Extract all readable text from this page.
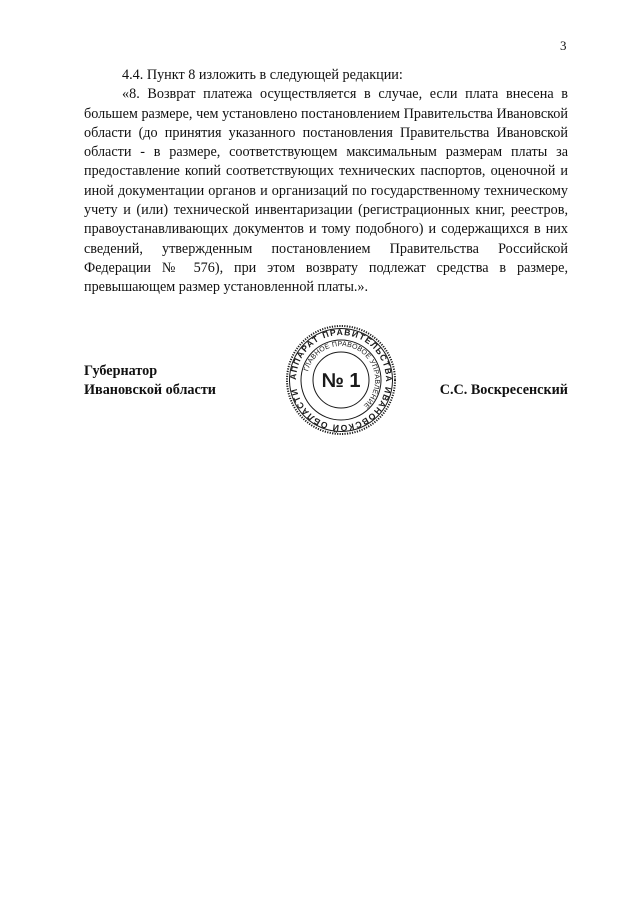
3

4.4. Пункт 8 изложить в следующей редакции:

«8. Возврат платежа осуществляется в случае, если плата внесена в большем размере, чем установлено постановлением Правительства Ивановской области (до принятия указанного постановления Правительства Ивановской области - в размере, соответствующем максимальным размерам платы за предоставление копий соответствующих технических паспортов, оценочной и иной документации органов и организаций по государственному техническому учету и (или) технической инвентаризации (регистрационных книг, реестров, правоустанавливающих документов и тому подобного) и содержащихся в них сведений, утвержденным постановлением Правительства Российской Федерации № 576), при этом возврату подлежат средства в размере, превышающем размер установленной платы.».

Губернатор
Ивановской области	С.С. Воскресенский
АППАРАТ ПРАВИТЕЛЬСТВА ИВАНОВСКОЙ ОБЛАСТИ
ГЛАВНОЕ ПРАВОВОЕ УПРАВЛЕНИЕ
№ 1
